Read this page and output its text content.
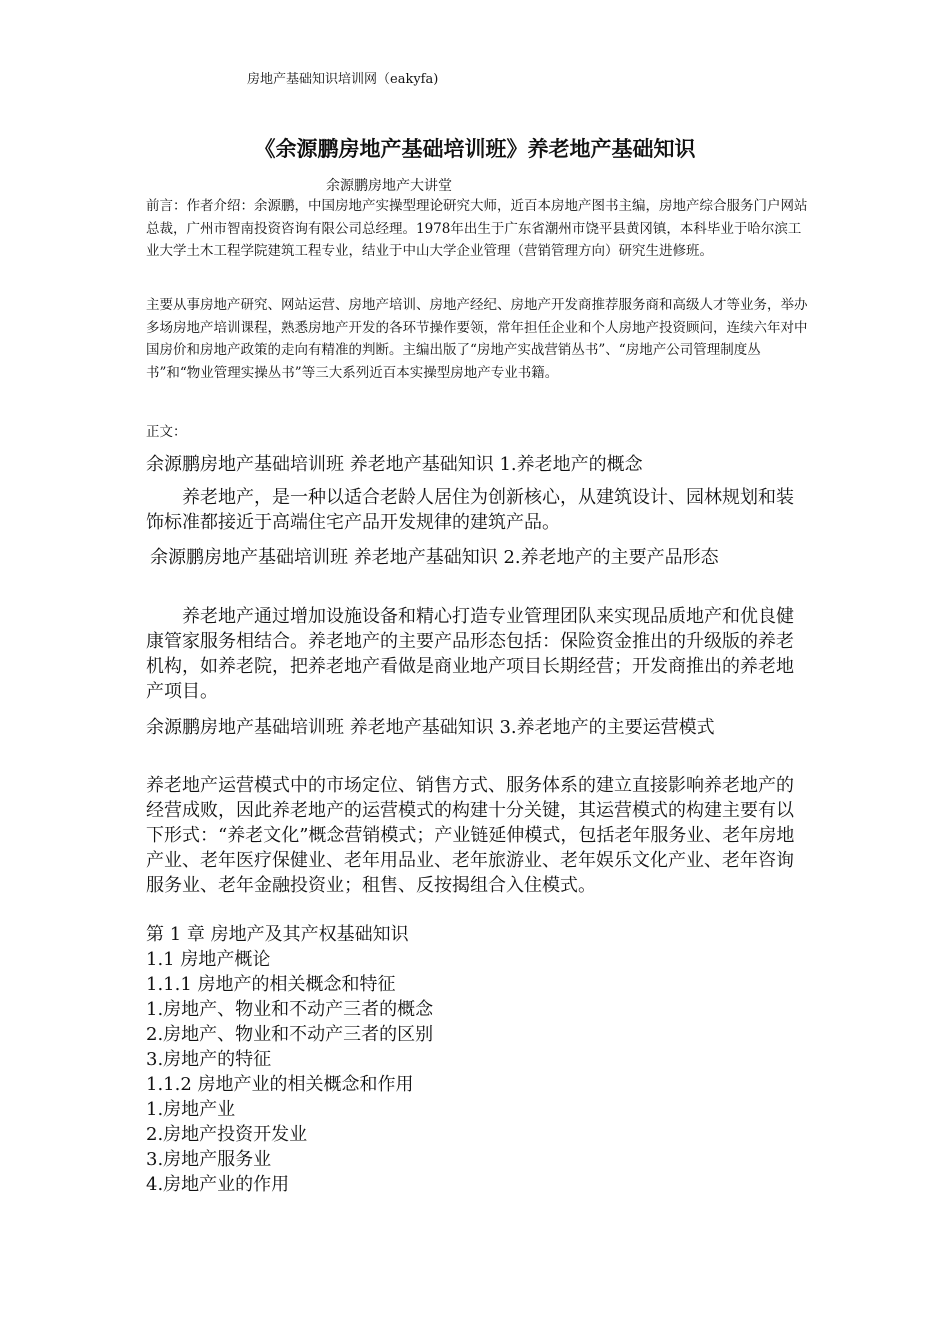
房地产基础知识培训网（eakyfa)
《余源鹏房地产基础培训班》养老地产基础知识
余源鹏房地产大讲堂
前言：作者介绍：余源鹏，中国房地产实操型理论研究大师，近百本房地产图书主编，房地产综合服务门户网站总裁，广州市智南投资咨询有限公司总经理。1978年出生于广东省潮州市饶平县黄冈镇，本科毕业于哈尔滨工业大学土木工程学院建筑工程专业，结业于中山大学企业管理（营销管理方向）研究生进修班。
主要从事房地产研究、网站运营、房地产培训、房地产经纪、房地产开发商推荐服务商和高级人才等业务，举办多场房地产培训课程，熟悉房地产开发的各环节操作要领，常年担任企业和个人房地产投资顾问，连续六年对中国房价和房地产政策的走向有精准的判断。主编出版了“房地产实战营销丛书”、“房地产公司管理制度丛书”和“物业管理实操丛书”等三大系列近百本实操型房地产专业书籍。
正文：
余源鹏房地产基础培训班 养老地产基础知识 1.养老地产的概念
养老地产，是一种以适合老龄人居住为创新核心，从建筑设计、园林规划和装饰标准都接近于高端住宅产品开发规律的建筑产品。
余源鹏房地产基础培训班 养老地产基础知识 2.养老地产的主要产品形态
养老地产通过增加设施设备和精心打造专业管理团队来实现品质地产和优良健康管家服务相结合。养老地产的主要产品形态包括：保险资金推出的升级版的养老机构，如养老院，把养老地产看做是商业地产项目长期经营；开发商推出的养老地产项目。
余源鹏房地产基础培训班 养老地产基础知识 3.养老地产的主要运营模式
养老地产运营模式中的市场定位、销售方式、服务体系的建立直接影响养老地产的经营成败，因此养老地产的运营模式的构建十分关键，其运营模式的构建主要有以下形式：“养老文化”概念营销模式；产业链延伸模式，包括老年服务业、老年房地产业、老年医疗保健业、老年用品业、老年旅游业、老年娱乐文化产业、老年咨询服务业、老年金融投资业；租售、反按揭组合入住模式。
第 1 章 房地产及其产权基础知识
1.1 房地产概论
1.1.1 房地产的相关概念和特征
1.房地产、物业和不动产三者的概念
2.房地产、物业和不动产三者的区别
3.房地产的特征
1.1.2 房地产业的相关概念和作用
1.房地产业
2.房地产投资开发业
3.房地产服务业
4.房地产业的作用
